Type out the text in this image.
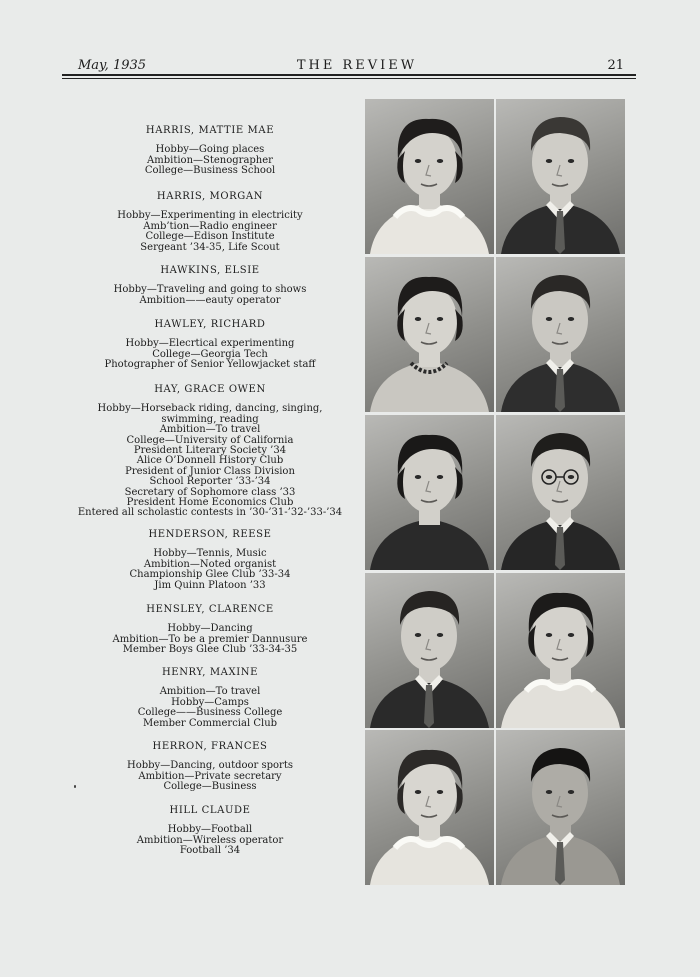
May, 1935	THE REVIEW	21
HARRIS, MATTIE MAE
Hobby—Going places
Ambition—Stenographer
College—Business School
HARRIS, MORGAN
Hobby—Experimenting in electricity
Amb’tion—Radio engineer
College—Edison Institute
Sergeant ’34-35, Life Scout
HAWKINS, ELSIE
Hobby—Traveling and going to shows
Ambition——eauty operator
HAWLEY, RICHARD
Hobby—Elecrtical experimenting
College—Georgia Tech
Photographer of Senior Yellowjacket staff
HAY, GRACE OWEN
Hobby—Horseback riding, dancing, singing,
swimming, reading
Ambition—To travel
College—University of California
President Literary Society ’34
Alice O’Donnell History Club
President of Junior Class Division
School Reporter ’33-’34
Secretary of Sophomore class ’33
President Home Economics Club
Entered all scholastic contests in ’30-’31-’32-’33-’34
HENDERSON, REESE
Hobby—Tennis, Music
Ambition—Noted organist
Championship Glee Club ’33-34
Jim Quinn Platoon ’33
HENSLEY, CLARENCE
Hobby—Dancing
Ambition—To be a premier Dannusure
Member Boys Glee Club ’33-34-35
HENRY, MAXINE
Ambition—To travel
Hobby—Camps
College——Business College
Member Commercial Club
HERRON, FRANCES
Hobby—Dancing, outdoor sports
Ambition—Private secretary
College—Business
HILL CLAUDE
Hobby—Football
Ambition—Wireless operator
Football ’34
